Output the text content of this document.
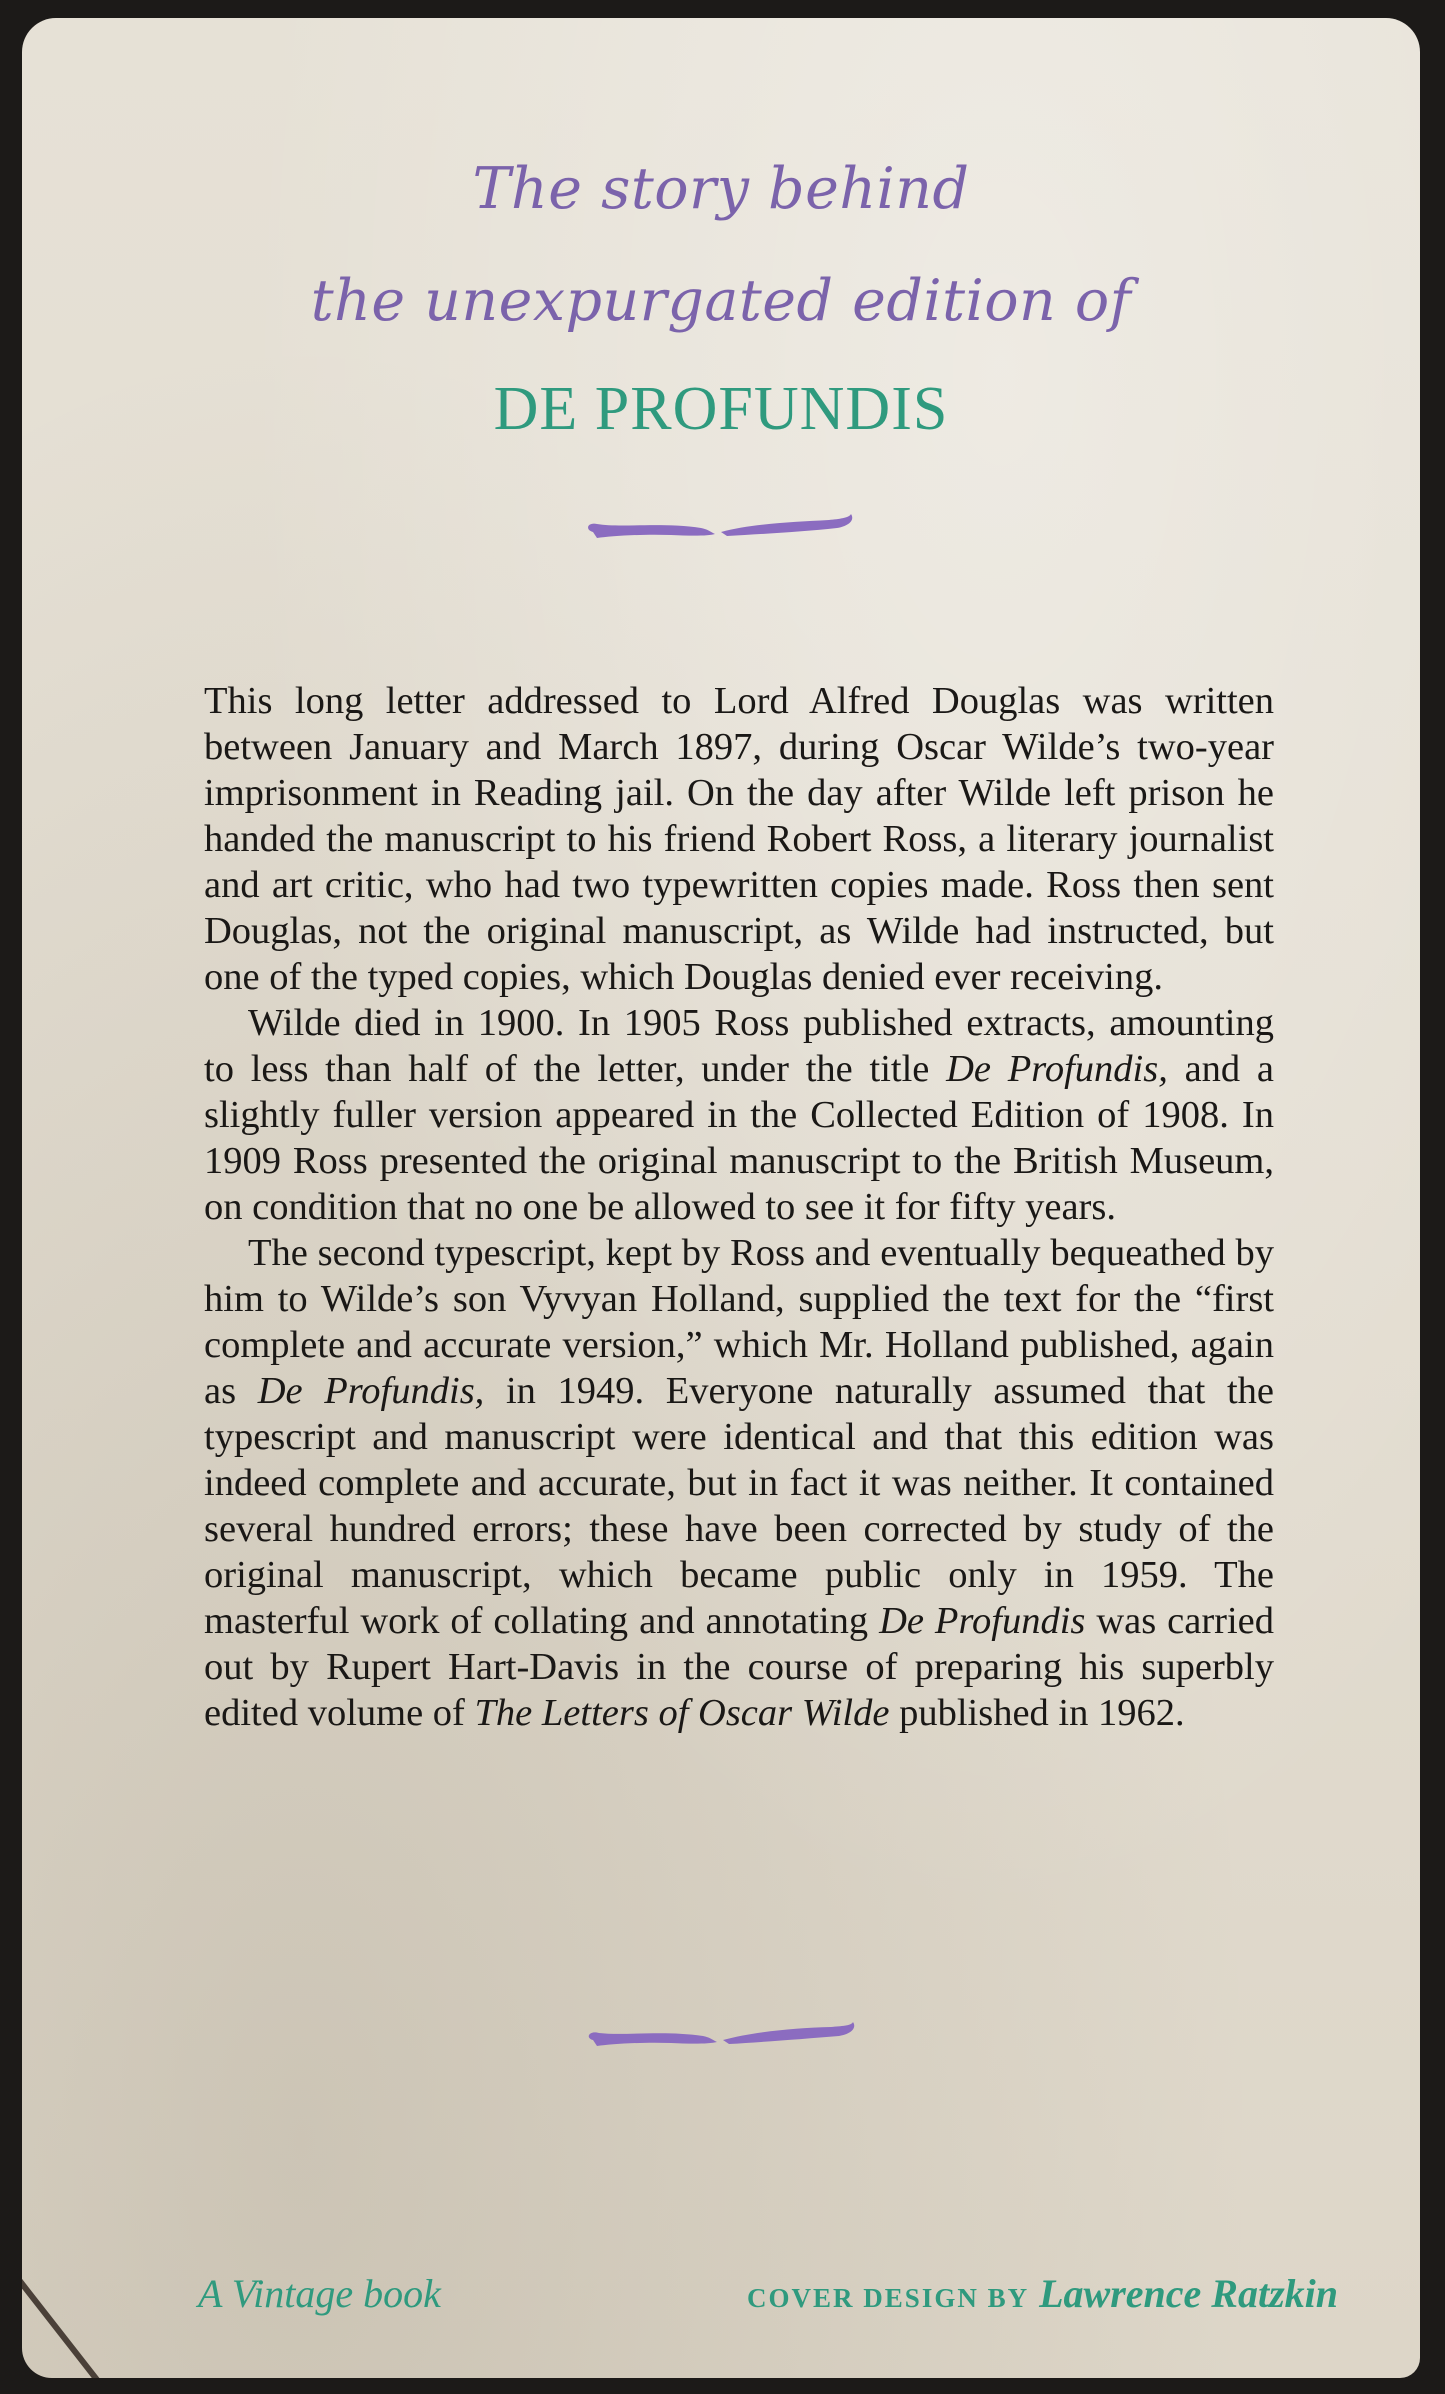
The story behind
the unexpurgated edition of
DE PROFUNDIS

This long letter addressed to Lord Alfred Douglas was written between January and March 1897, during Oscar Wilde’s two-year imprisonment in Reading jail. On the day after Wilde left prison he handed the manuscript to his friend Robert Ross, a literary journalist and art critic, who had two typewritten copies made. Ross then sent Douglas, not the original manuscript, as Wilde had instructed, but one of the typed copies, which Douglas denied ever receiving.

Wilde died in 1900. In 1905 Ross published extracts, amounting to less than half of the letter, under the title De Profundis, and a slightly fuller version appeared in the Collected Edition of 1908. In 1909 Ross presented the original manuscript to the British Museum, on condition that no one be allowed to see it for fifty years.

The second typescript, kept by Ross and eventually bequeathed by him to Wilde’s son Vyvyan Holland, supplied the text for the “first complete and accurate version,” which Mr. Holland published, again as De Profundis, in 1949. Everyone naturally assumed that the typescript and manuscript were identical and that this edition was indeed complete and accurate, but in fact it was neither. It contained several hundred errors; these have been corrected by study of the original manuscript, which became public only in 1959. The masterful work of collating and annotating De Profundis was carried out by Rupert Hart-Davis in the course of preparing his superbly edited volume of The Letters of Oscar Wilde published in 1962.

A Vintage book	COVER DESIGN BY Lawrence Ratzkin
